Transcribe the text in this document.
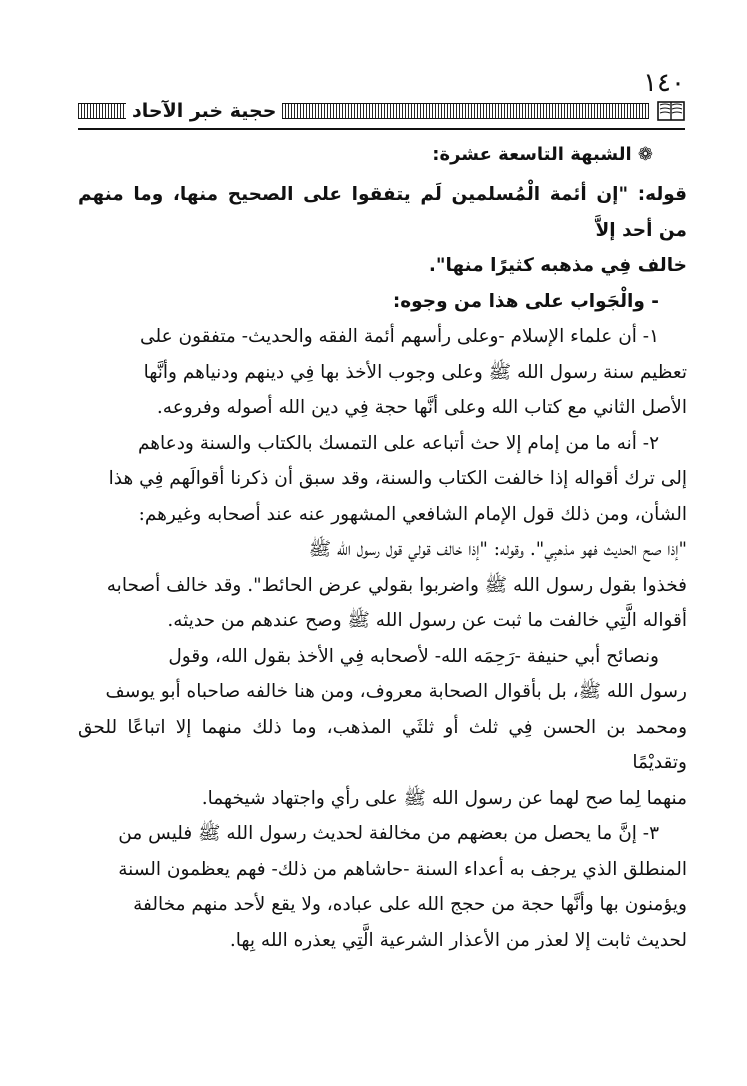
١٤٠
حجية خبر الآحاد
❁ الشبهة التاسعة عشرة:
قوله: "إن أئمة الْمُسلمين لَم يتفقوا على الصحيح منها، وما منهم من أحد إلاَّ
خالف فِي مذهبه كثيرًا منها".
- والْجَواب على هذا من وجوه:
١- أن علماء الإسلام -وعلى رأسهم أئمة الفقه والحديث- متفقون على
تعظيم سنة رسول الله ﷺ وعلى وجوب الأخذ بها فِي دينهم ودنياهم وأنَّها
الأصل الثاني مع كتاب الله وعلى أنَّها حجة فِي دين الله أصوله وفروعه.
٢- أنه ما من إمام إلا حث أتباعه على التمسك بالكتاب والسنة ودعاهم
إلى ترك أقواله إذا خالفت الكتاب والسنة، وقد سبق أن ذكرنا أقوالَهم فِي هذا
الشأن، ومن ذلك قول الإمام الشافعي المشهور عنه عند أصحابه وغيرهم:
"إذا صح الحديث فهو مذهبِي". وقوله: "إذا خالف قولي قول رسول الله ﷺ
فخذوا بقول رسول الله ﷺ واضربوا بقولي عرض الحائط". وقد خالف أصحابه
أقواله الَّتِي خالفت ما ثبت عن رسول الله ﷺ وصح عندهم من حديثه.
ونصائح أبي حنيفة -رَحِمَه الله- لأصحابه فِي الأخذ بقول الله، وقول
رسول الله ﷺ، بل بأقوال الصحابة معروف، ومن هنا خالفه صاحباه أبو يوسف
ومحمد بن الحسن فِي ثلث أو ثلثَي المذهب، وما ذلك منهما إلا اتباعًا للحق وتقديْمًا
منهما لِما صح لهما عن رسول الله ﷺ على رأي واجتهاد شيخهما.
٣- إنَّ ما يحصل من بعضهم من مخالفة لحديث رسول الله ﷺ فليس من
المنطلق الذي يرجف به أعداء السنة -حاشاهم من ذلك- فهم يعظمون السنة
ويؤمنون بها وأنَّها حجة من حجج الله على عباده، ولا يقع لأحد منهم مخالفة
لحديث ثابت إلا لعذر من الأعذار الشرعية الَّتِي يعذره الله بِها.
